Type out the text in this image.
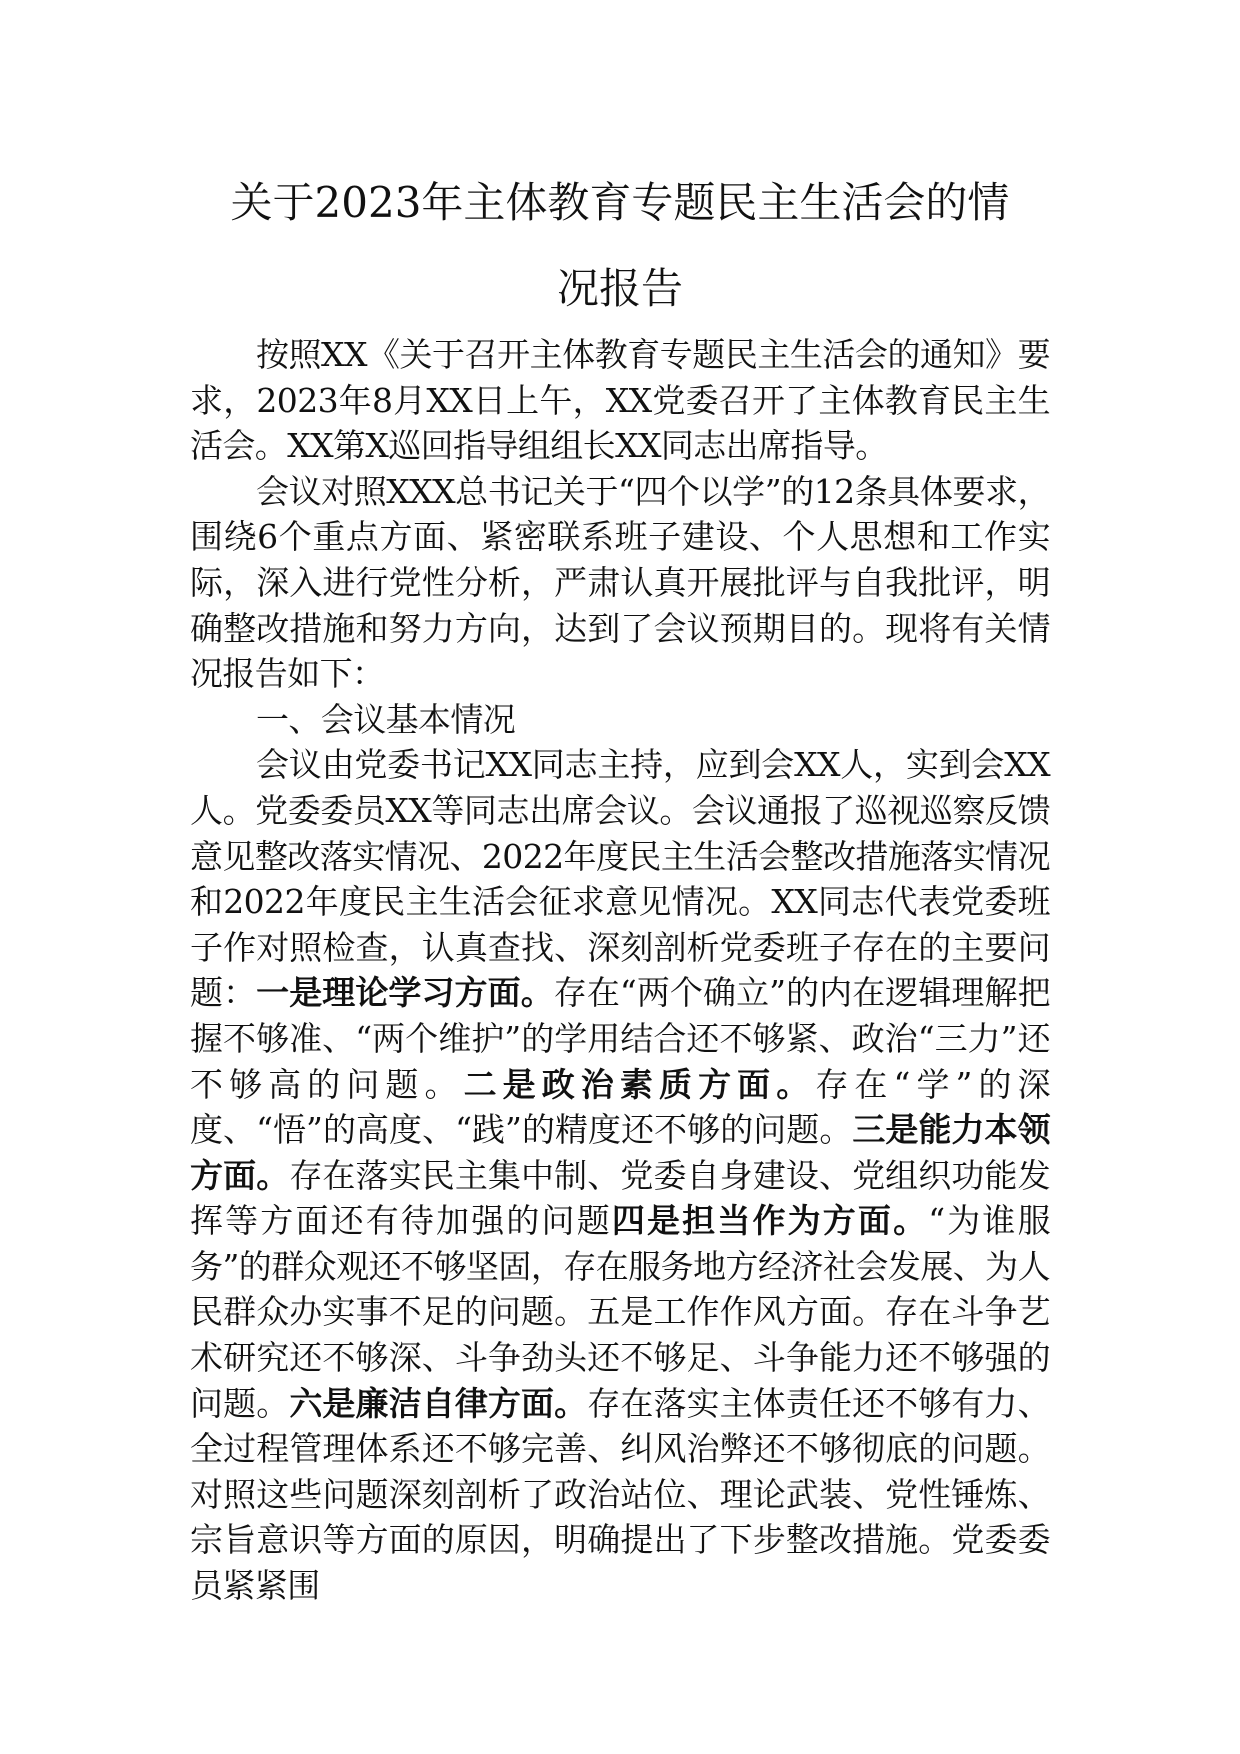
关于2023年主体教育专题民主生活会的情
况报告

按照XX《关于召开主体教育专题民主生活会的通知》要求，2023年8月XX日上午，XX党委召开了主体教育民主生活会。XX第X巡回指导组组长XX同志出席指导。

会议对照XXX总书记关于“四个以学”的12条具体要求，围绕6个重点方面、紧密联系班子建设、个人思想和工作实际，深入进行党性分析，严肃认真开展批评与自我批评，明确整改措施和努力方向，达到了会议预期目的。现将有关情况报告如下：

一、会议基本情况

会议由党委书记XX同志主持，应到会XX人，实到会XX人。党委委员XX等同志出席会议。会议通报了巡视巡察反馈意见整改落实情况、2022年度民主生活会整改措施落实情况和2022年度民主生活会征求意见情况。XX同志代表党委班子作对照检查，认真查找、深刻剖析党委班子存在的主要问题：一是理论学习方面。存在“两个确立”的内在逻辑理解把握不够准、“两个维护”的学用结合还不够紧、政治“三力”还不够高的问题。二是政治素质方面。存在“学”的深度、“悟”的高度、“践”的精度还不够的问题。三是能力本领方面。存在落实民主集中制、党委自身建设、党组织功能发挥等方面还有待加强的问题四是担当作为方面。“为谁服务”的群众观还不够坚固，存在服务地方经济社会发展、为人民群众办实事不足的问题。五是工作作风方面。存在斗争艺术研究还不够深、斗争劲头还不够足、斗争能力还不够强的问题。六是廉洁自律方面。存在落实主体责任还不够有力、全过程管理体系还不够完善、纠风治弊还不够彻底的问题。对照这些问题深刻剖析了政治站位、理论武装、党性锤炼、宗旨意识等方面的原因，明确提出了下步整改措施。党委委员紧紧围
